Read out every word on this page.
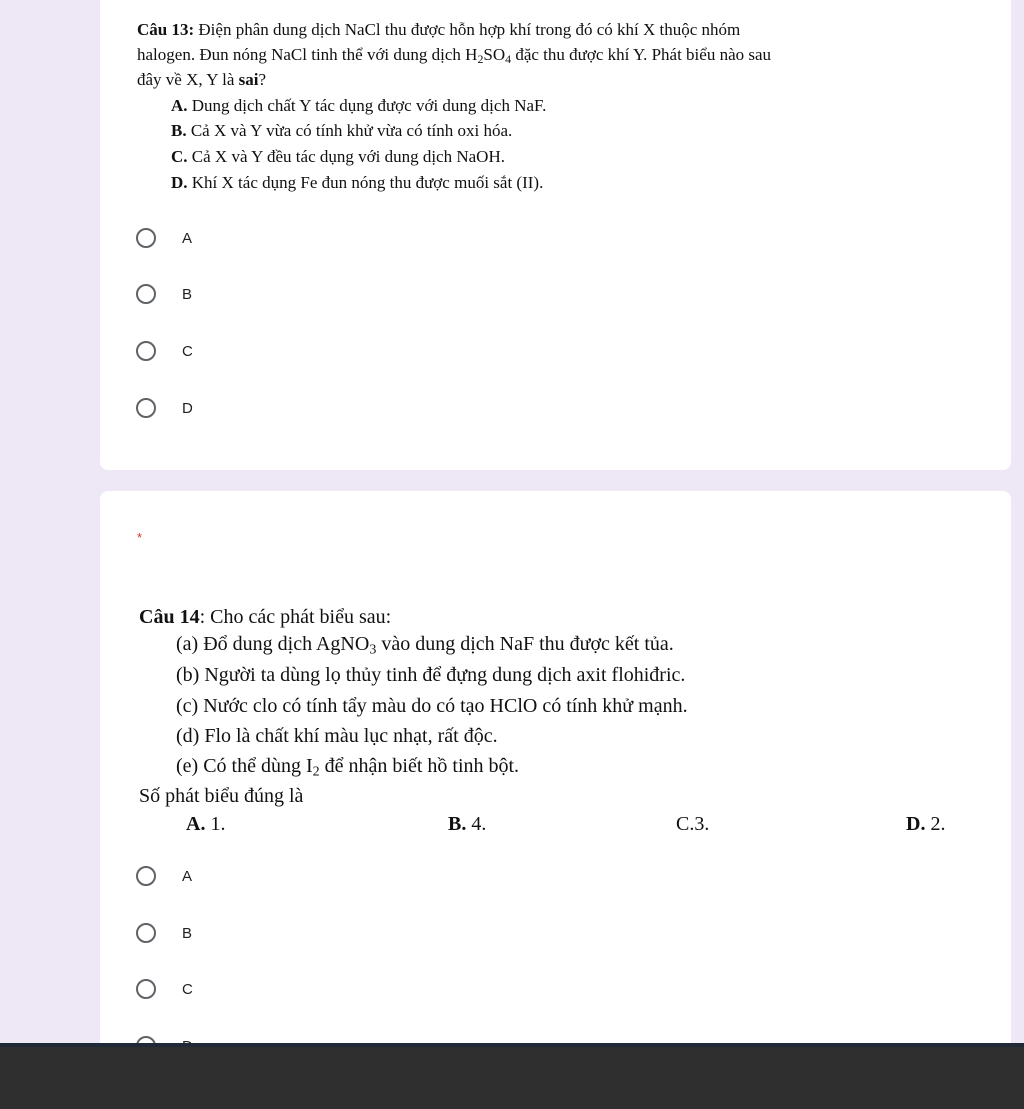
Câu 13: Điện phân dung dịch NaCl thu được hỗn hợp khí trong đó có khí X thuộc nhóm
halogen. Đun nóng NaCl tinh thể với dung dịch $H_2SO_4$ đặc thu được khí Y. Phát biểu nào sau
đây về X, Y là sai?
A. Dung dịch chất Y tác dụng được với dung dịch NaF.
B. Cả X và Y vừa có tính khử vừa có tính oxi hóa.
C. Cả X và Y đều tác dụng với dung dịch NaOH.
D. Khí X tác dụng Fe đun nóng thu được muối sắt (II).
A
B
C
D
*
Câu 14: Cho các phát biểu sau:
(a) Đổ dung dịch AgNO$_3$ vào dung dịch NaF thu được kết tủa.
(b) Người ta dùng lọ thủy tinh để đựng dung dịch axit flohiđric.
(c) Nước clo có tính tẩy màu do có tạo HClO có tính khử mạnh.
(d) Flo là chất khí màu lục nhạt, rất độc.
(e) Có thể dùng $I_2$ để nhận biết hồ tinh bột.
Số phát biểu đúng là
A. 1.	B. 4.	C.3.	D. 2.
A
B
C
